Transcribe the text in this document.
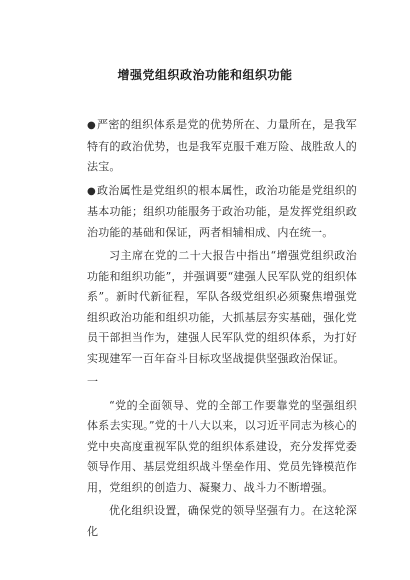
增强党组织政治功能和组织功能

●严密的组织体系是党的优势所在、力量所在，是我军特有的政治优势，也是我军克服千难万险、战胜敌人的法宝。

●政治属性是党组织的根本属性，政治功能是党组织的基本功能；组织功能服务于政治功能，是发挥党组织政治功能的基础和保证，两者相辅相成、内在统一。

习主席在党的二十大报告中指出“增强党组织政治功能和组织功能”，并强调要“建强人民军队党的组织体系”。新时代新征程，军队各级党组织必须聚焦增强党组织政治功能和组织功能，大抓基层夯实基础，强化党员干部担当作为，建强人民军队党的组织体系，为打好实现建军一百年奋斗目标攻坚战提供坚强政治保证。

一

“党的全面领导、党的全部工作要靠党的坚强组织体系去实现。”党的十八大以来，以习近平同志为核心的党中央高度重视军队党的组织体系建设，充分发挥党委领导作用、基层党组织战斗堡垒作用、党员先锋模范作用，党组织的创造力、凝聚力、战斗力不断增强。

优化组织设置，确保党的领导坚强有力。在这轮深化
